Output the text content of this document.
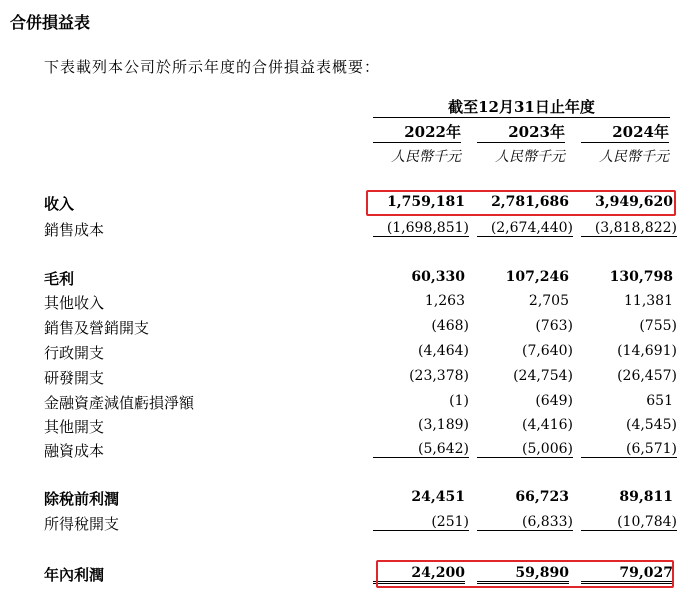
合併損益表
下表載列本公司於所示年度的合併損益表概要：
截至12月31日止年度
2022年	2023年	2024年
人民幣千元	人民幣千元	人民幣千元
收入	1,759,181	2,781,686	3,949,620
銷售成本	(1,698,851)	(2,674,440)	(3,818,822)
毛利	60,330	107,246	130,798
其他收入	1,263	2,705	11,381
銷售及營銷開支	(468)	(763)	(755)
行政開支	(4,464)	(7,640)	(14,691)
研發開支	(23,378)	(24,754)	(26,457)
金融資產減值虧損淨額	(1)	(649)	651
其他開支	(3,189)	(4,416)	(4,545)
融資成本	(5,642)	(5,006)	(6,571)
除稅前利潤	24,451	66,723	89,811
所得稅開支	(251)	(6,833)	(10,784)
年內利潤	24,200	59,890	79,027
